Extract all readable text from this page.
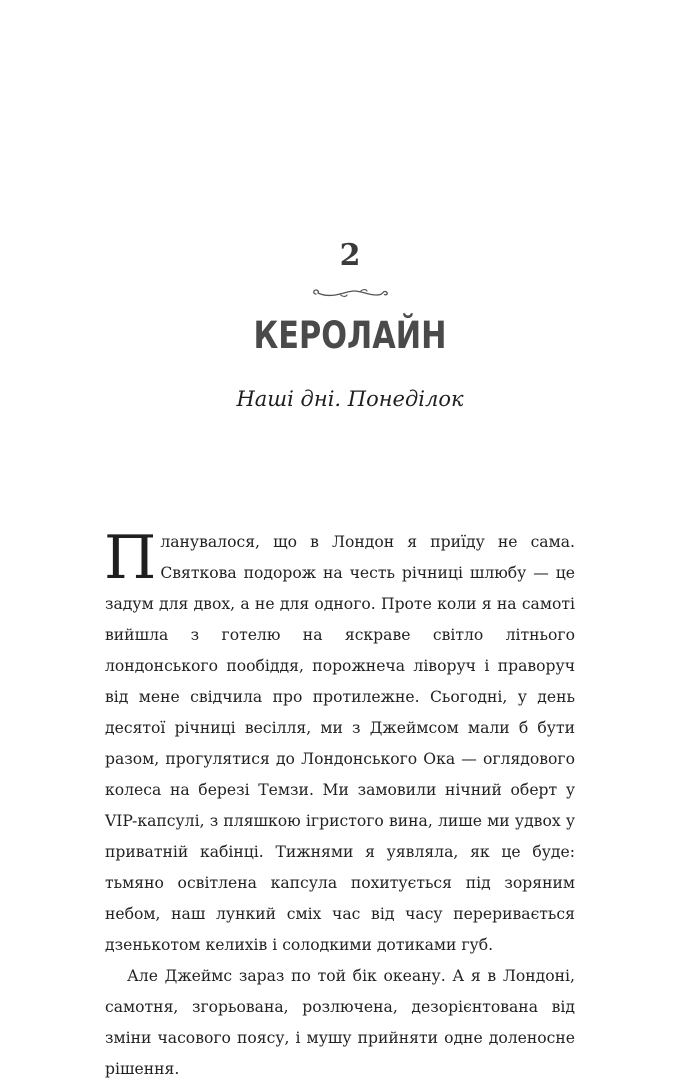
2
КЕРОЛАЙН
Наші дні. Понеділок

Планувалося, що в Лондон я приїду не сама. Святкова подорож на честь річниці шлюбу — це задум для двох, а не для одного. Проте коли я на самоті вийшла з готелю на яскраве світло літнього лондонського пообіддя, порожнеча ліворуч і праворуч від мене свідчила про протилежне. Сьогодні, у день десятої річниці весілля, ми з Джеймсом мали б бути разом, прогулятися до Лондонського Ока — оглядового колеса на березі Темзи. Ми замовили нічний оберт у VIP-капсулі, з пляшкою ігристого вина, лише ми удвох у приватній кабінці. Тижнями я уявляла, як це буде: тьмяно освітлена капсула похитується під зоряним небом, наш лункий сміх час від часу переривається дзенькотом келихів і солодкими дотиками губ.

Але Джеймс зараз по той бік океану. А я в Лондоні, самотня, згорьована, розлючена, дезорієнтована від зміни часового поясу, і мушу прийняти одне доленосне рішення.
